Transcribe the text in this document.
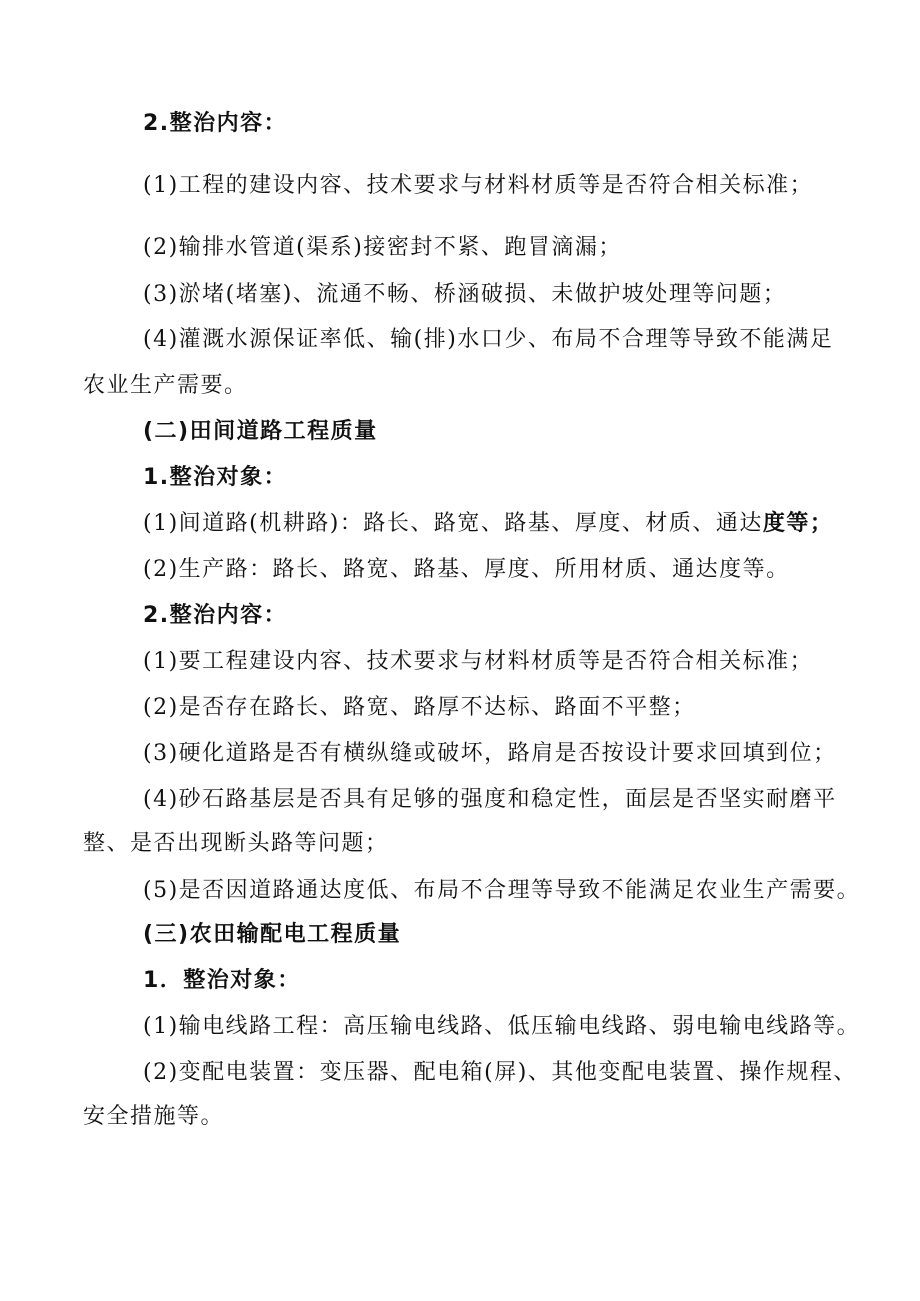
2.整治内容：
(1)工程的建设内容、技术要求与材料材质等是否符合相关标准；
(2)输排水管道(渠系)接密封不紧、跑冒滴漏；
(3)淤堵(堵塞)、流通不畅、桥涵破损、未做护坡处理等问题；
(4)灌溉水源保证率低、输(排)水口少、布局不合理等导致不能满足
农业生产需要。
(二)田间道路工程质量
1.整治对象：
(1)间道路(机耕路)：路长、路宽、路基、厚度、材质、通达度等；
(2)生产路：路长、路宽、路基、厚度、所用材质、通达度等。
2.整治内容：
(1)要工程建设内容、技术要求与材料材质等是否符合相关标准；
(2)是否存在路长、路宽、路厚不达标、路面不平整；
(3)硬化道路是否有横纵缝或破坏，路肩是否按设计要求回填到位；
(4)砂石路基层是否具有足够的强度和稳定性，面层是否坚实耐磨平
整、是否出现断头路等问题；
(5)是否因道路通达度低、布局不合理等导致不能满足农业生产需要。
(三)农田输配电工程质量
1．整治对象：
(1)输电线路工程：高压输电线路、低压输电线路、弱电输电线路等。
(2)变配电装置：变压器、配电箱(屏)、其他变配电装置、操作规程、
安全措施等。
